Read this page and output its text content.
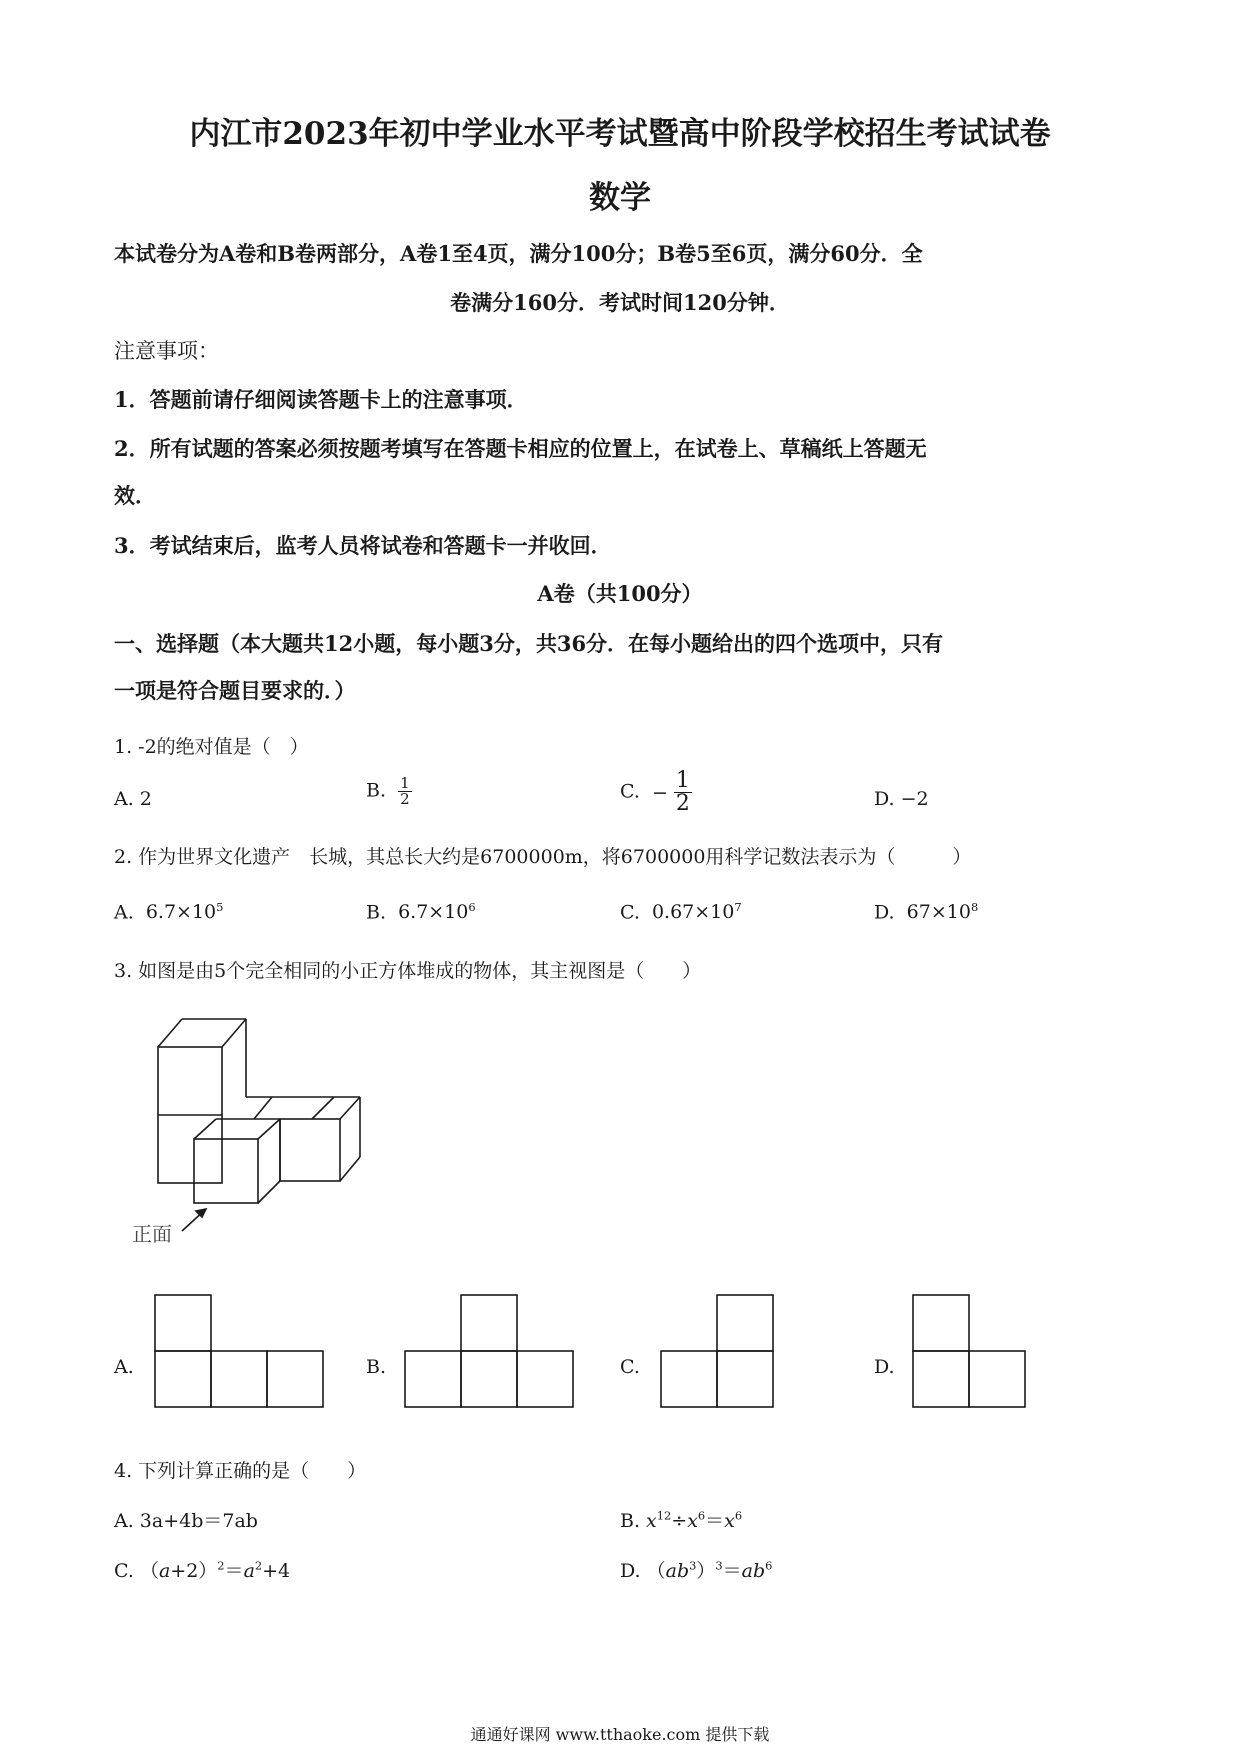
内江市2023年初中学业水平考试暨高中阶段学校招生考试试卷
数学
本试卷分为A卷和B卷两部分，A卷1至4页，满分100分；B卷5至6页，满分60分．全
卷满分160分．考试时间120分钟．
注意事项：
1．答题前请仔细阅读答题卡上的注意事项．
2．所有试题的答案必须按题考填写在答题卡相应的位置上，在试卷上、草稿纸上答题无
效．
3．考试结束后，监考人员将试卷和答题卡一并收回．
A卷（共100分）
一、选择题（本大题共12小题，每小题3分，共36分．在每小题给出的四个选项中，只有
一项是符合题目要求的．）
1. -2的绝对值是（　）
A. 2	B. $\frac{1}{2}$	C. − $\frac{1}{2}$	D. −2
2. 作为世界文化遗产　长城，其总长大约是6700000m，将6700000用科学记数法表示为（　　　）
A. $6.7\times 10^5$	B. $6.7\times 10^6$	C. $0.67\times 10^7$	D. $67\times 10^8$
3. 如图是由5个完全相同的小正方体堆成的物体，其主视图是（　　）
正面
A.	B.	C.	D.
4. 下列计算正确的是（　　）
A. 3a+4b＝7ab	B. $x^{12}\div x^6=x^6$
C. $(a+2)^2=a^2+4$	D. $(ab^3)^3=ab^6$
通通好课网 www.tthaoke.com 提供下载
